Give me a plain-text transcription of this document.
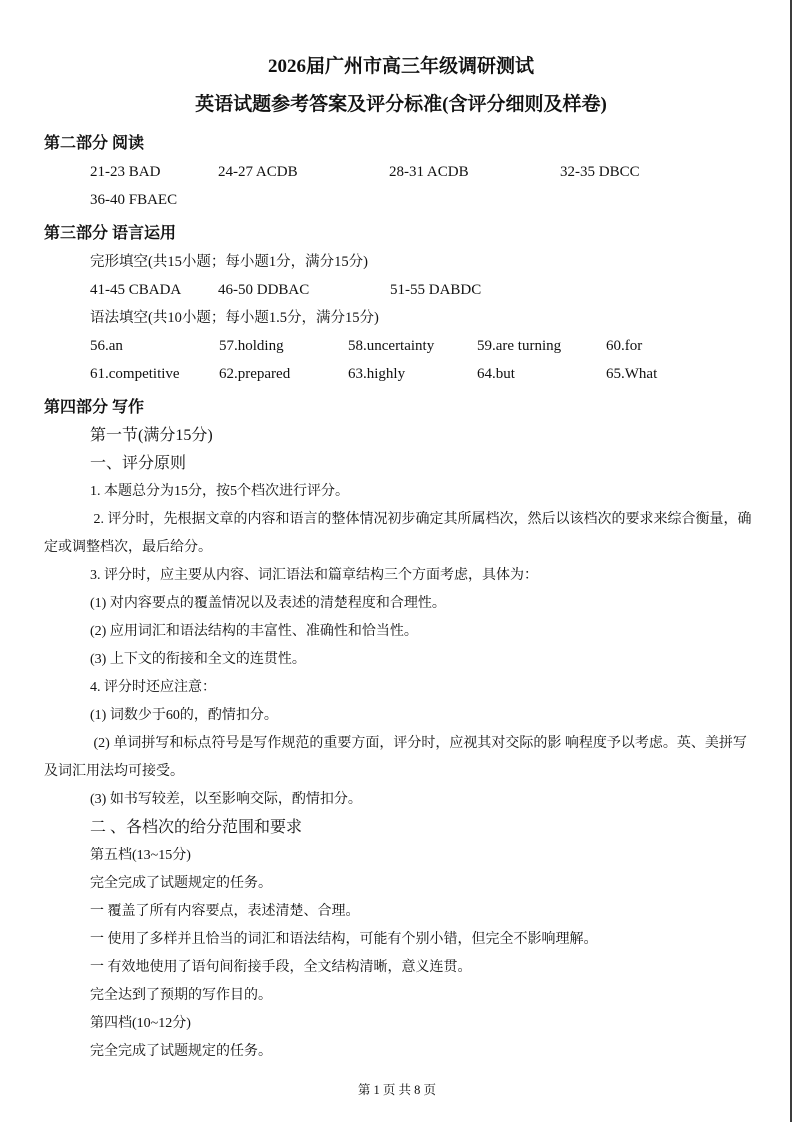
2026届广州市高三年级调研测试
英语试题参考答案及评分标准(含评分细则及样卷)
第二部分 阅读
21-23 BAD	24-27 ACDB	28-31 ACDB	32-35 DBCC
36-40 FBAEC
第三部分 语言运用

完形填空(共15小题；每小题1分，满分15分)

41-45 CBADA	46-50 DDBAC	51-55 DABDC

语法填空(共10小题；每小题1.5分，满分15分)

56.an	57.holding	58.uncertainty	59.are turning	60.for
61.competitive	62.prepared	63.highly	64.but	65.What
第四部分 写作

第一节(满分15分)

一、评分原则

1. 本题总分为15分，按5个档次进行评分。

2. 评分时，先根据文章的内容和语言的整体情况初步确定其所属档次，然后以该档次的要求来综合衡量，确定或调整档次，最后给分。

3. 评分时，应主要从内容、词汇语法和篇章结构三个方面考虑，具体为：

(1) 对内容要点的覆盖情况以及表述的清楚程度和合理性。

(2) 应用词汇和语法结构的丰富性、准确性和恰当性。

(3) 上下文的衔接和全文的连贯性。

4. 评分时还应注意：

(1) 词数少于60的，酌情扣分。

(2) 单词拼写和标点符号是写作规范的重要方面，评分时，应视其对交际的影 响程度予以考虑。英、美拼写及词汇用法均可接受。

(3) 如书写较差，以至影响交际，酌情扣分。

二 、各档次的给分范围和要求

第五档(13~15分)

完全完成了试题规定的任务。

一 覆盖了所有内容要点，表述清楚、合理。

一 使用了多样并且恰当的词汇和语法结构，可能有个别小错，但完全不影响理解。

一 有效地使用了语句间衔接手段，全文结构清晰，意义连贯。

完全达到了预期的写作目的。

第四档(10~12分)

完全完成了试题规定的任务。

第 1 页 共 8 页
